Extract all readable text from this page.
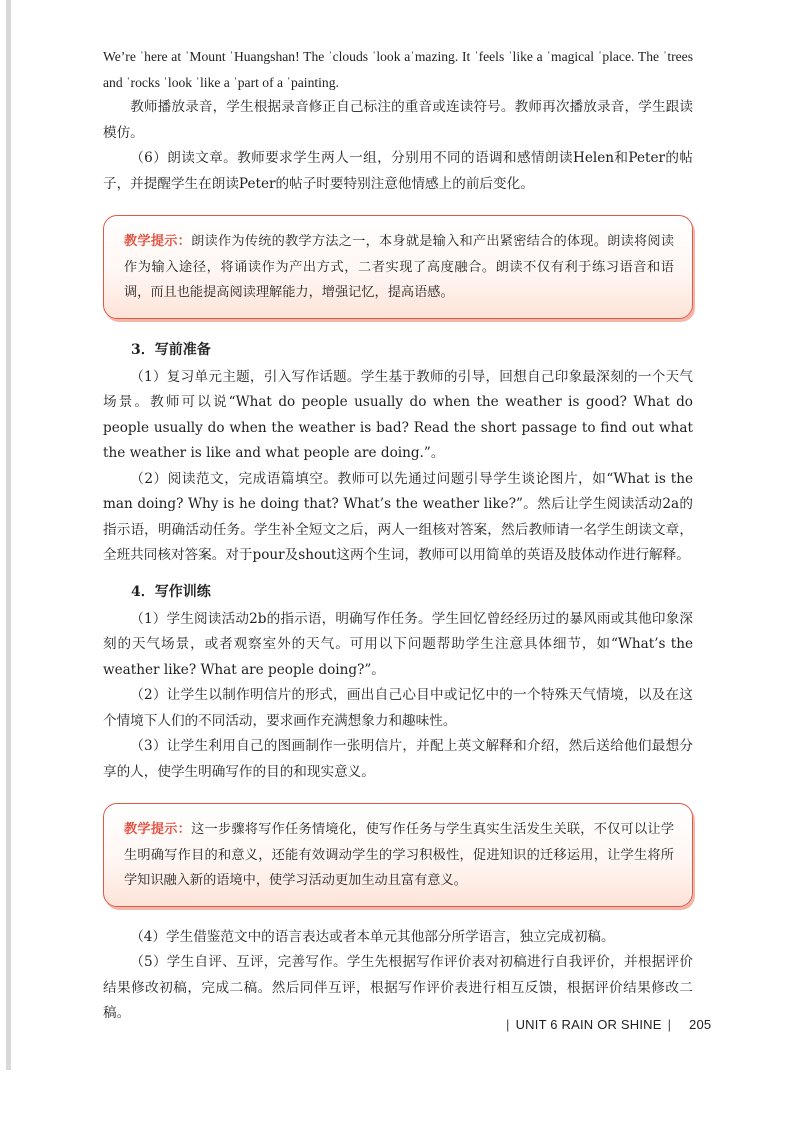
We’re ˈhere at ˈMount ˈHuangshan! The ˈclouds ˈlook aˈmazing. It ˈfeels ˈlike a ˈmagical ˈplace. The ˈtrees and ˈrocks ˈlook ˈlike a ˈpart of a ˈpainting.

教师播放录音，学生根据录音修正自己标注的重音或连读符号。教师再次播放录音，学生跟读模仿。

（6）朗读文章。教师要求学生两人一组，分别用不同的语调和感情朗读Helen和Peter的帖子，并提醒学生在朗读Peter的帖子时要特别注意他情感上的前后变化。

教学提示：朗读作为传统的教学方法之一，本身就是输入和产出紧密结合的体现。朗读将阅读作为输入途径，将诵读作为产出方式，二者实现了高度融合。朗读不仅有利于练习语音和语调，而且也能提高阅读理解能力，增强记忆，提高语感。

3．写前准备

（1）复习单元主题，引入写作话题。学生基于教师的引导，回想自己印象最深刻的一个天气场景。教师可以说“What do people usually do when the weather is good? What do people usually do when the weather is bad? Read the short passage to find out what the weather is like and what people are doing.”。

（2）阅读范文，完成语篇填空。教师可以先通过问题引导学生谈论图片，如“What is the man doing? Why is he doing that? What’s the weather like?”。然后让学生阅读活动2a的指示语，明确活动任务。学生补全短文之后，两人一组核对答案，然后教师请一名学生朗读文章，全班共同核对答案。对于pour及shout这两个生词，教师可以用简单的英语及肢体动作进行解释。

4．写作训练

（1）学生阅读活动2b的指示语，明确写作任务。学生回忆曾经经历过的暴风雨或其他印象深刻的天气场景，或者观察室外的天气。可用以下问题帮助学生注意具体细节，如“What’s the weather like? What are people doing?”。

（2）让学生以制作明信片的形式，画出自己心目中或记忆中的一个特殊天气情境，以及在这个情境下人们的不同活动，要求画作充满想象力和趣味性。

（3）让学生利用自己的图画制作一张明信片，并配上英文解释和介绍，然后送给他们最想分享的人，使学生明确写作的目的和现实意义。

教学提示：这一步骤将写作任务情境化，使写作任务与学生真实生活发生关联，不仅可以让学生明确写作目的和意义，还能有效调动学生的学习积极性，促进知识的迁移运用，让学生将所学知识融入新的语境中，使学习活动更加生动且富有意义。

（4）学生借鉴范文中的语言表达或者本单元其他部分所学语言，独立完成初稿。

（5）学生自评、互评，完善写作。学生先根据写作评价表对初稿进行自我评价，并根据评价结果修改初稿，完成二稿。然后同伴互评，根据写作评价表进行相互反馈，根据评价结果修改二稿。

| UNIT 6 RAIN OR SHINE | 205
